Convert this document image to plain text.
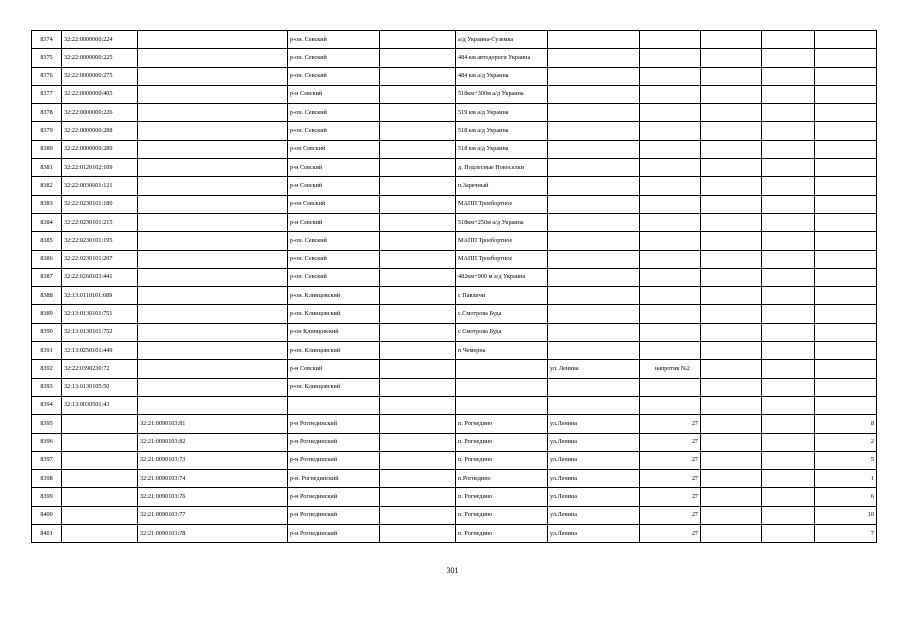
8374	32:22:0000000:224		р-он. Севский		а/д Украина-Суземка					
8375	32:22:0000000:225		р-он. Севский		484 км автодороги Украина					
8376	32:22:0000000:275		р-он. Севский		484 км а/д Украина					
8377	32:22:0000000:405		р-н Севский		518км+300м а/д Украина					
8378	32:22:0000000:226		р-он. Севский		519 км а/д Украина					
8379	32:22:0000000:288		р-он. Севский		518 км а/д Украина					
8380	32:22:0000000:289		р-он Севский		518 км а/д Украина					
8381	32:22:0120102:109		р-н Севский		д. Подлесные Новоселки					
8382	32:22:0030601:121		р-н Севский		п.Заречный					
8383	32:22:0230101:180		р-он Севский		МАПП Троебортное					
8384	32:22:0230101:215		р-н Севский		518км+250м а/д Украина					
8385	32:22:0230101:195		р-он. Севский		МАПП Троебортное					
8386	32:22:0230101:207		р-он. Севский		МАПП Троебортное					
8387	32:22:0260103:441		р-он. Севский		482км+900 м а/д Украина					
8388	32:13:0110101:689		р-он. Клинцовский		с Павличи					
8389	32:13:0130101:751		р-он. Клинцовский		с.Смотрова Буда					
8390	32:13:0130101:752		р-он Клинцовский		с Смотрова Буда					
8391	32:13:0250101:449		р-он. Клинцовский		п Чемерна					
8392	32:22:0390230:72		р-н Севский			ул. Ленина	напротив №2			

8393	32:13:0130105:50		р-он. Клинцовский							
8394	32:13:0030501:43									
8395		32:21:0090103:81	р-н Рогнединский		п. Рогнедино	ул.Ленина	27			8
8396		32:21:0090103:82	р-н Рогнединский		п. Рогнедино	ул.Ленина	27			2
8397		32:21:0090103:73	р-н Рогнединский		п. Рогнедино	ул.Ленина	27			5
8398		32:21:0090103:74	р-н. Рогнединский		п.Рогнедино	ул.Ленина	27			1
8399		32:21:0090103:76	р-н Рогнединский		п. Рогнедино	ул.Ленина	27			6
8400		32:21:0090103:77	р-н Рогнединский		п. Рогнедино	ул.Ленина	27			10
8401		32:21:0090103:78	р-н Рогнединский		п. Рогнедино	ул.Ленина	27			7
301
